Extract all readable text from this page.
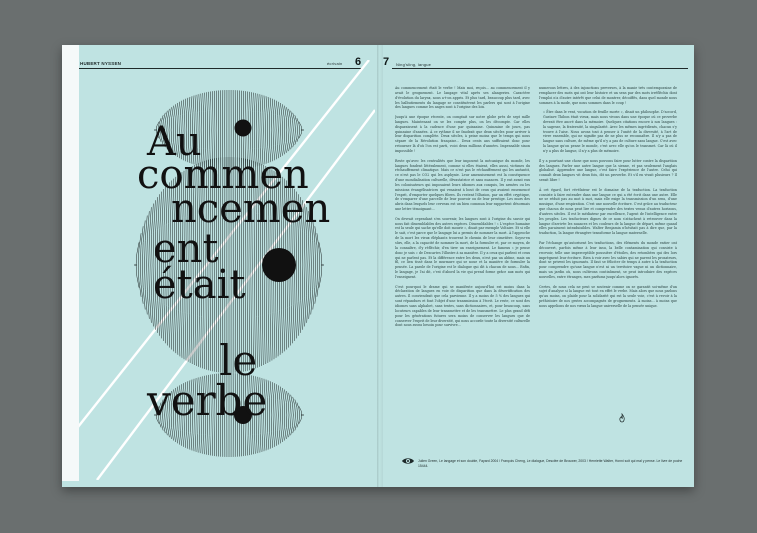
HUBERT NYSSEN	écrivain 6
Au
commen
ncemen
ent
était
le
verbe
7 Ning'sling, langue

Au commencement était le verbe ! Mais moi, reçois... au commencement il y avait le grognement. Le langage vital après ses alangeries. Caractère d'évolution du larynx, nous a-t-on appris. Et plus tard, beaucoup plus tard, avec les balbutiements du langage se constituèrent les parlers qui sont à l'origine des langues comme les anges sont à l'origine des lois.

Jusqu'à une époque récente, on comptait sur notre globe près de sept mille langues. Maintenant on se les compte plus, on les décompte. Car elles disparaissent à la cadence d'une par quinzaine. Quinzaine de jours, pas quinzaine d'années. À ce rythme il ne faudrait que deux siècles pour arriver à leur disparition complète. Deux siècles, à peine moins que le temps qui nous sépare de la Révolution française... Deux cents ans suffiraient donc pour retourner là d'où l'on est parti, voici deux millions d'années. Impensable sinon impossible !

Reste qu'avec les centralités que leur imposent la mécanique du monde, les langues fondent littéralement, comme si elles étaient, elles aussi, victimes du réchauffement climatique. Mais ce n'est pas le réchauffement qui les anéantit, ce n'est pas le CO2 qui les asphyxie. Leur amenuisement est la conséquence d'une mondialisation culturelle, dévastatrice et sans nuances. Il y eut avant eux les colonisateurs qui imposaient leurs idiomes aux conquis, les armées ou les missions évangélisatrices qui venaient à bout de ceux qui avaient ensemencé l'esprit, d'emporter quelques fibres. Ils restent l'illusion, par un effet cryptique, de s'emparer d'une parcelle de leur pouvoir ou de leur prestige. Les murs des abris dans lesquels leur cerveau est un bien commun leur rapportent désormais une lettre témoignant...

On devrait cependant s'en souvenir, les langues sont à l'origine du savoir qui nous fait dissemblables des autres espèces. Dissemblables ! « L'espèce humaine est la seule qui sache qu'elle doit mourir », disait par exemple Voltaire. Et si elle le sait, c'est parce que le langage lui a permis de nommer la mort. À l'approche de la mort les vieux éléphants trouvent le chemin de leur cimetière. Soyez-en sûrs, elle, a la capacité de nommer la mort, de la formuler et, par ce moyen, de la connaître, d'y réfléchir, d'en tirer un enseignement. Le fameux « je pense donc je suis » de Descartes l'illustre à sa manière. Il y a ceux qui parlent et ceux qui ne parlent pas. Et la différence entre les deux, n'est pas un abîme, mais un fil, ce lien tissé dans le murmure qui se noue et la manière de formuler la pensée. La parole de l'origine est le dialogue qui dit à chacun de nous... Enfin, le langage, je l'ai dit, c'est d'abord la vie qui prend forme grâce aux mots qui l'enseignent.

C'est pourquoi le drame qui se manifeste aujourd'hui est moins dans la déclaration de langues en voie de disparition que dans la désertification des autres. Il conviendrait que cela parvienne. Il y a moins de 5 % des langues qui sont répandues et font l'objet d'une transmission à l'écrit. Le reste, ce sont des idiomes sans alphabet, sans textes, sans dictionnaires, et, pour beaucoup, sans locuteurs capables de leur transmettre et de les transmettre. Le plus grand défi pour les générations futures sera moins de conserver les langues que de conserver l'esprit de leur diversité, qui nous accorde toute la diversité culturelle dont nous avons besoin pour survivre...

numerous lettres, à des injonctions perverses, à la manie très contemporaine de remplacer des mots qui ont leur histoire et un sens par des mots irréfléchis dont l'emploi n'a d'autre intérêt que celui de montrer, décoiffés, dans quel monde nous sommes à la mode, que nous sommes dans le coup !

« Être dans le vent, vocation de feuille morte », disait un philosophe. D'accord, Gustave Thibon était vieux, mais nous vivons dans une époque où ce proverbe devrait être ancré dans la mémoire. Quelques citations encore à nos langues : la sagesse, la fraternité, la singularité. Avec les mêmes ingrédients, chacun s'y trouve à l'aise. Nous avons tout à penser à l'unité de la diversité, à l'art de vivre ensemble, qui ne signifie pas de ne plus se reconnaître. Il n'y a pas de langue sans culture, de même qu'il n'y a pas de culture sans langue. C'est avec la langue qu'on pense le monde, c'est avec elle qu'on le transmet. Car là où il n'y a plus de langue, il n'y a plus de mémoire.

Il y a pourtant une chose que nous pouvons faire pour lutter contre la disparition des langues. Parler une autre langue que la sienne, et pas seulement l'anglais globalisé. Apprendre une langue, c'est faire l'expérience de l'autre. Celui qui connaît deux langues vit deux fois, dit un proverbe. Et s'il en vivait plusieurs ? Il serait libre !

À cet égard, fort révélateur est le domaine de la traduction. La traduction consiste à faire entendre dans une langue ce qui a été écrit dans une autre. Elle ne se réduit pas au mot à mot, mais elle exige la transmission d'un sens, d'une musique, d'une respiration. C'est une nouvelle écriture. C'est grâce au traducteur que chacun de nous peut lire et comprendre des textes venus d'autres horizons, d'autres siècles. Il est le médiateur par excellence, l'agent de l'intelligence entre les peuples. Les traducteurs dignes de ce nom s'attachent à retrouver dans la langue d'arrivée les nuances et les couleurs de la langue de départ, même quand elles paraissent intraduisibles. Walter Benjamin n'hésitait pas à dire que, par la traduction, la langue étrangère transforme la langue maternelle.

Par l'échange qu'autorisent les traductions, des éléments du monde entier ont découvert, parfois même à leur insu, la belle contamination qui consiste à recevoir, telle une imperceptible poussière d'étoiles, des retombées qui des lors imprègnent leur écriture. Rien à voir avec les sabirs qui ne parent les prosateurs, dont se privent les ignorants. Il faut se féliciter de temps à autre à la traduction pour comprendre qu'une langue n'est ni un territoire vague ni un dictionnaire, mais un jardin où, nous cultivons continûment, se peut introduire des espèces nouvelles, entre étranges, mes parfums jusqu'alors ignorés.

Certes, de nous cela ne peut se soutenir comme on se garantit soi-même d'un sujet d'analyse si la langue est tout en effet le verbe. Mais alors que nous parlons qu'au moins, on plaide pour la solidarité qui est la seule voie, c'est à revoir à la préhistoire de nos gestes accompagnés de grognements. À moins... à moins que nous appelions de nos vœux la langue universelle de la pensée unique.

Julien Green, Le langage et son double, Fayard 2004 / François Cheng, Le dialogue, Desclée de Brouwer, 2003 / Henriette Walter, Honni soit qui mal y pense. Le livre de poche 15444.
